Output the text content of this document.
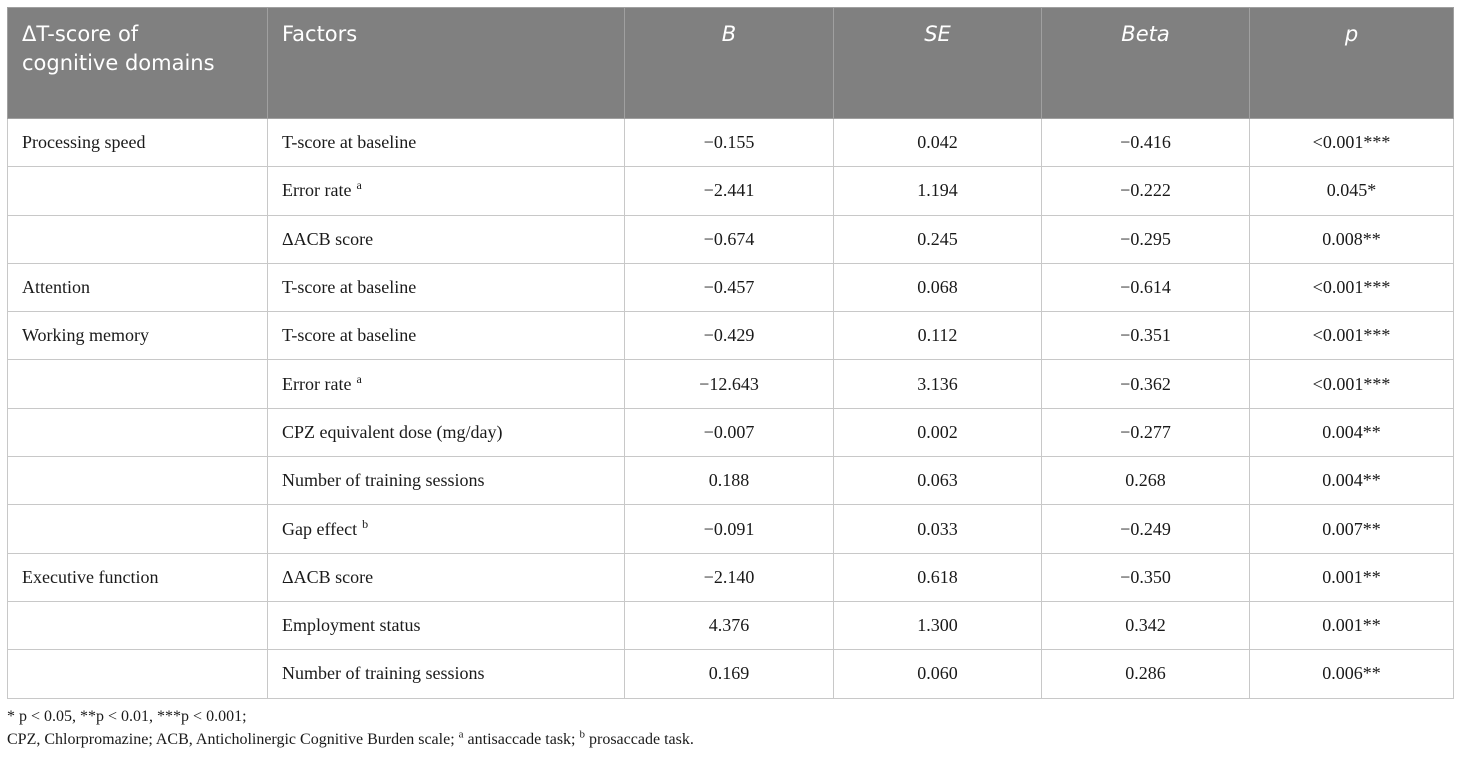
ΔT-score of cognitive domains	Factors	B	SE	Beta	p
Processing speed	T-score at baseline	−0.155	0.042	−0.416	<0.001***
	Error rate $^a$	−2.441	1.194	−0.222	0.045*
	ΔACB score	−0.674	0.245	−0.295	0.008**
Attention	T-score at baseline	−0.457	0.068	−0.614	<0.001***
Working memory	T-score at baseline	−0.429	0.112	−0.351	<0.001***
	Error rate $^a$	−12.643	3.136	−0.362	<0.001***
	CPZ equivalent dose (mg/day)	−0.007	0.002	−0.277	0.004**
	Number of training sessions	0.188	0.063	0.268	0.004**
	Gap effect $^b$	−0.091	0.033	−0.249	0.007**
Executive function	ΔACB score	−2.140	0.618	−0.350	0.001**
	Employment status	4.376	1.300	0.342	0.001**
	Number of training sessions	0.169	0.060	0.286	0.006**
* p < 0.05, **p < 0.01, ***p < 0.001;
CPZ, Chlorpromazine; ACB, Anticholinergic Cognitive Burden scale; $^a$ antisaccade task; $^b$ prosaccade task.
